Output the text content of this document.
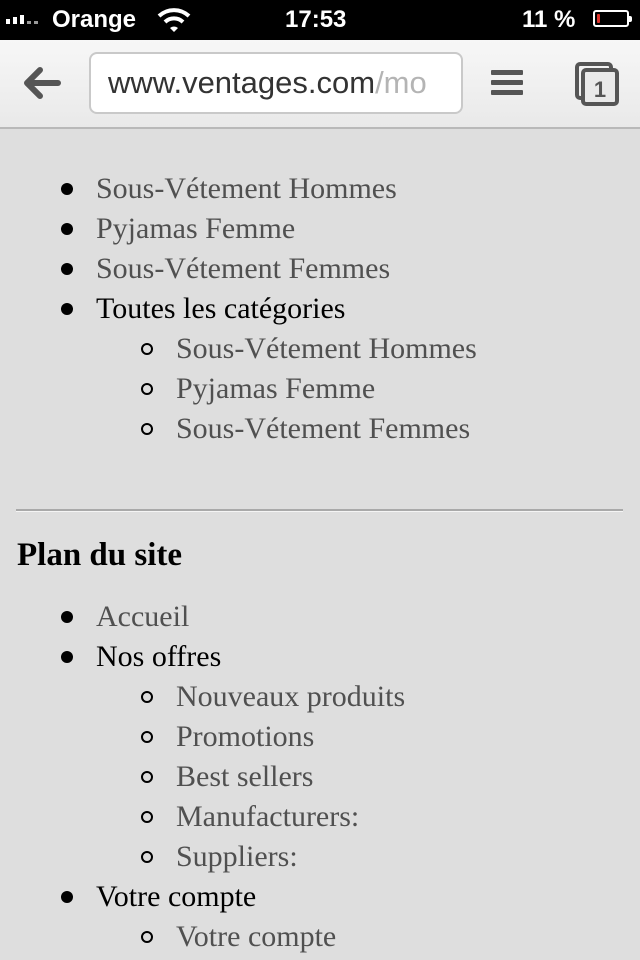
Orange	17:53	11 %
www.ventages.com/mo	1
Sous-Vétement Hommes
Pyjamas Femme
Sous-Vétement Femmes
Toutes les catégories
Sous-Vétement Hommes
Pyjamas Femme
Sous-Vétement Femmes
Plan du site
Accueil
Nos offres
Nouveaux produits
Promotions
Best sellers
Manufacturers:
Suppliers:
Votre compte
Votre compte
